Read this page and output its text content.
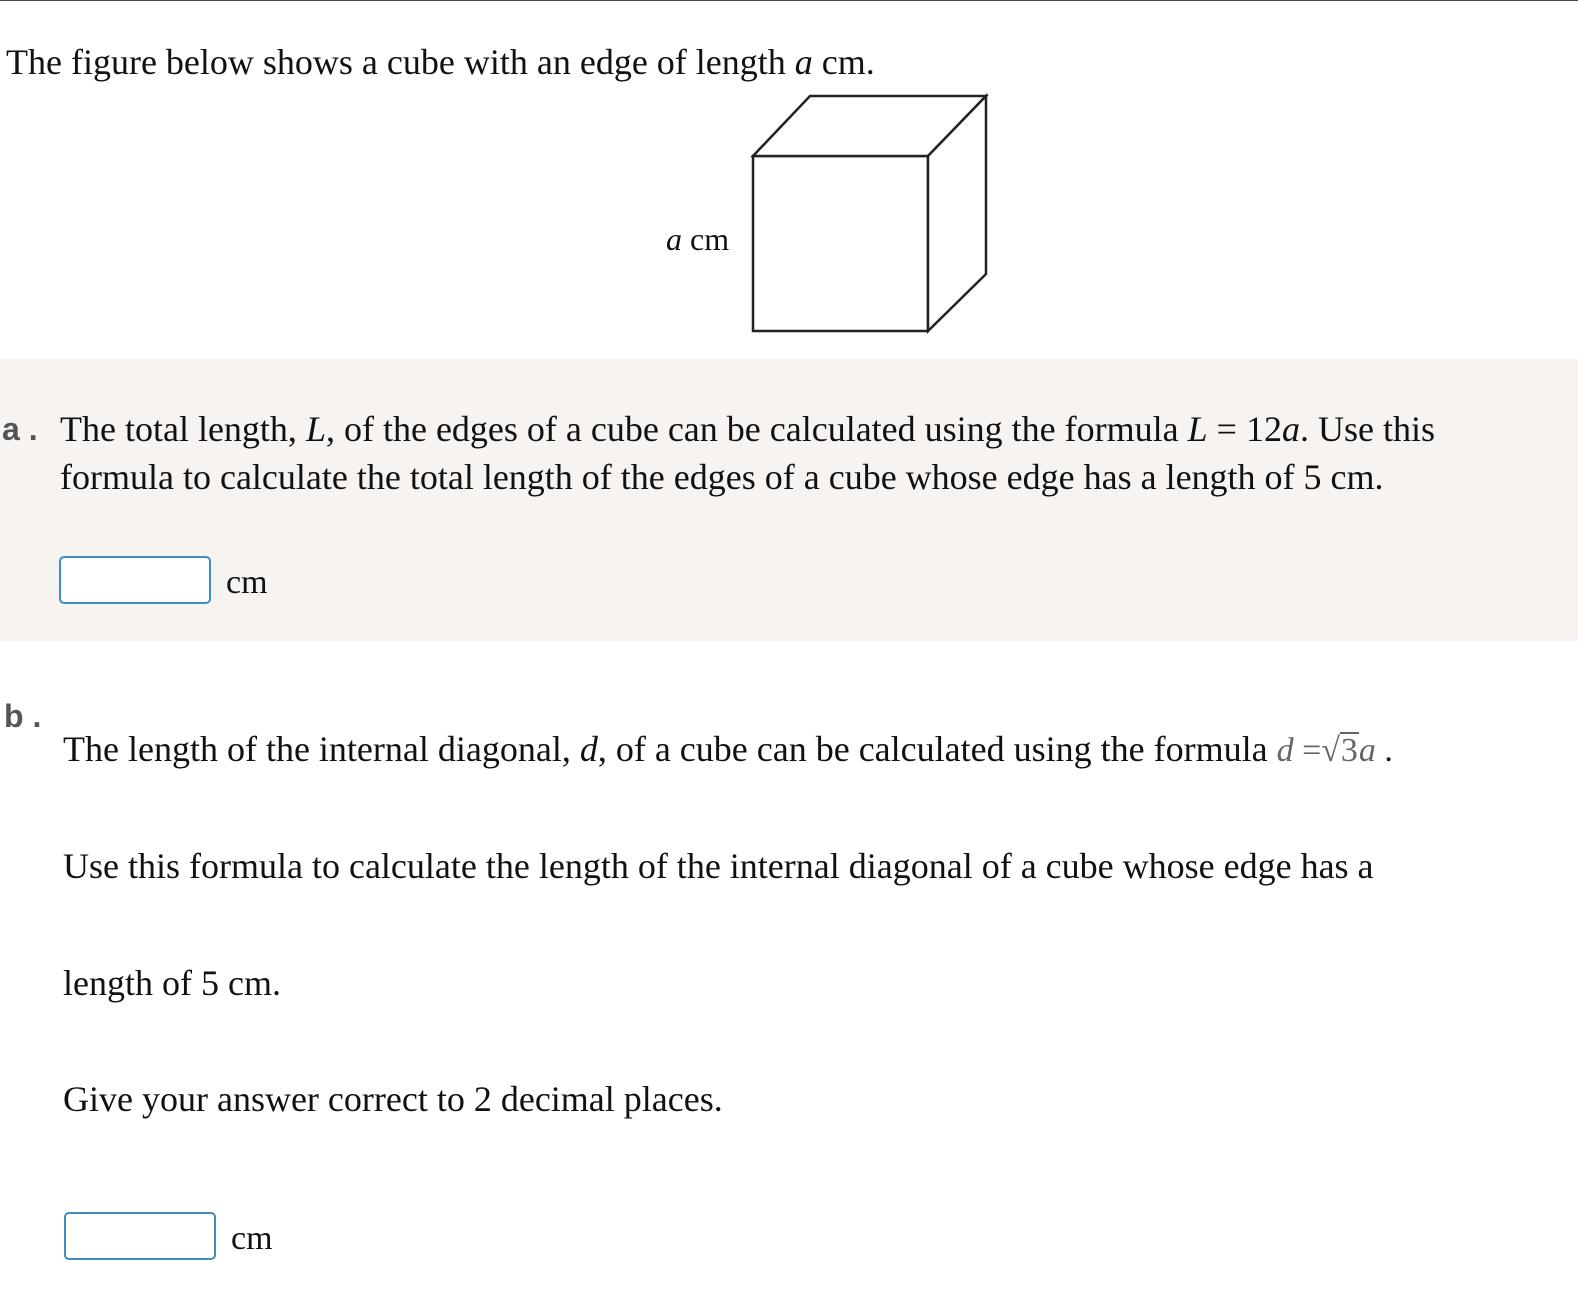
The figure below shows a cube with an edge of length a cm.
a cm
a . The total length, L, of the edges of a cube can be calculated using the formula L = 12a. Use this
formula to calculate the total length of the edges of a cube whose edge has a length of 5 cm.
cm
b .
The length of the internal diagonal, d, of a cube can be calculated using the formula d =√3a .
Use this formula to calculate the length of the internal diagonal of a cube whose edge has a
length of 5 cm.
Give your answer correct to 2 decimal places.
cm
